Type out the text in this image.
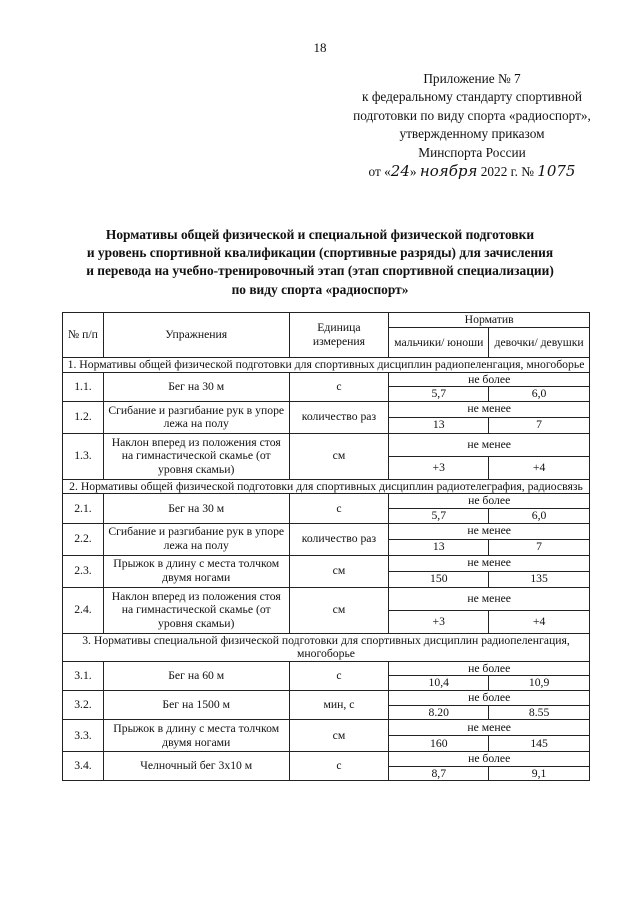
18
Приложение № 7
к федеральному стандарту спортивной
подготовки по виду спорта «радиоспорт»,
утвержденному приказом
Минспорта России
от «24» ноября 2022 г. № 1075
Нормативы общей физической и специальной физической подготовки
и уровень спортивной квалификации (спортивные разряды) для зачисления
и перевода на учебно-тренировочный этап (этап спортивной специализации)
по виду спорта «радиоспорт»
№ п/п	Упражнения	Единица измерения	Норматив	
			мальчики/ юноши	девочки/ девушки
1. Нормативы общей физической подготовки для спортивных дисциплин радиопеленгация, многоборье				
1.1.	Бег на 30 м	с	не более	
			5,7	6,0
1.2.	Сгибание и разгибание рук в упоре лежа на полу	количество раз	не менее	
			13	7
1.3.	Наклон вперед из положения стоя на гимнастической скамье (от уровня скамьи)	см	не менее	
			+3	+4
2. Нормативы общей физической подготовки для спортивных дисциплин радиотелеграфия, радиосвязь				
2.1.	Бег на 30 м	с	не более	
			5,7	6,0
2.2.	Сгибание и разгибание рук в упоре лежа на полу	количество раз	не менее	
			13	7
2.3.	Прыжок в длину с места толчком двумя ногами	см	не менее	
			150	135
2.4.	Наклон вперед из положения стоя на гимнастической скамье (от уровня скамьи)	см	не менее	
			+3	+4
3. Нормативы специальной физической подготовки для спортивных дисциплин радиопеленгация, многоборье				
3.1.	Бег на 60 м	с	не более	
			10,4	10,9
3.2.	Бег на 1500 м	мин, с	не более	
			8.20	8.55
3.3.	Прыжок в длину с места толчком двумя ногами	см	не менее	
			160	145
3.4.	Челночный бег 3х10 м	с	не более	
			8,7	9,1
